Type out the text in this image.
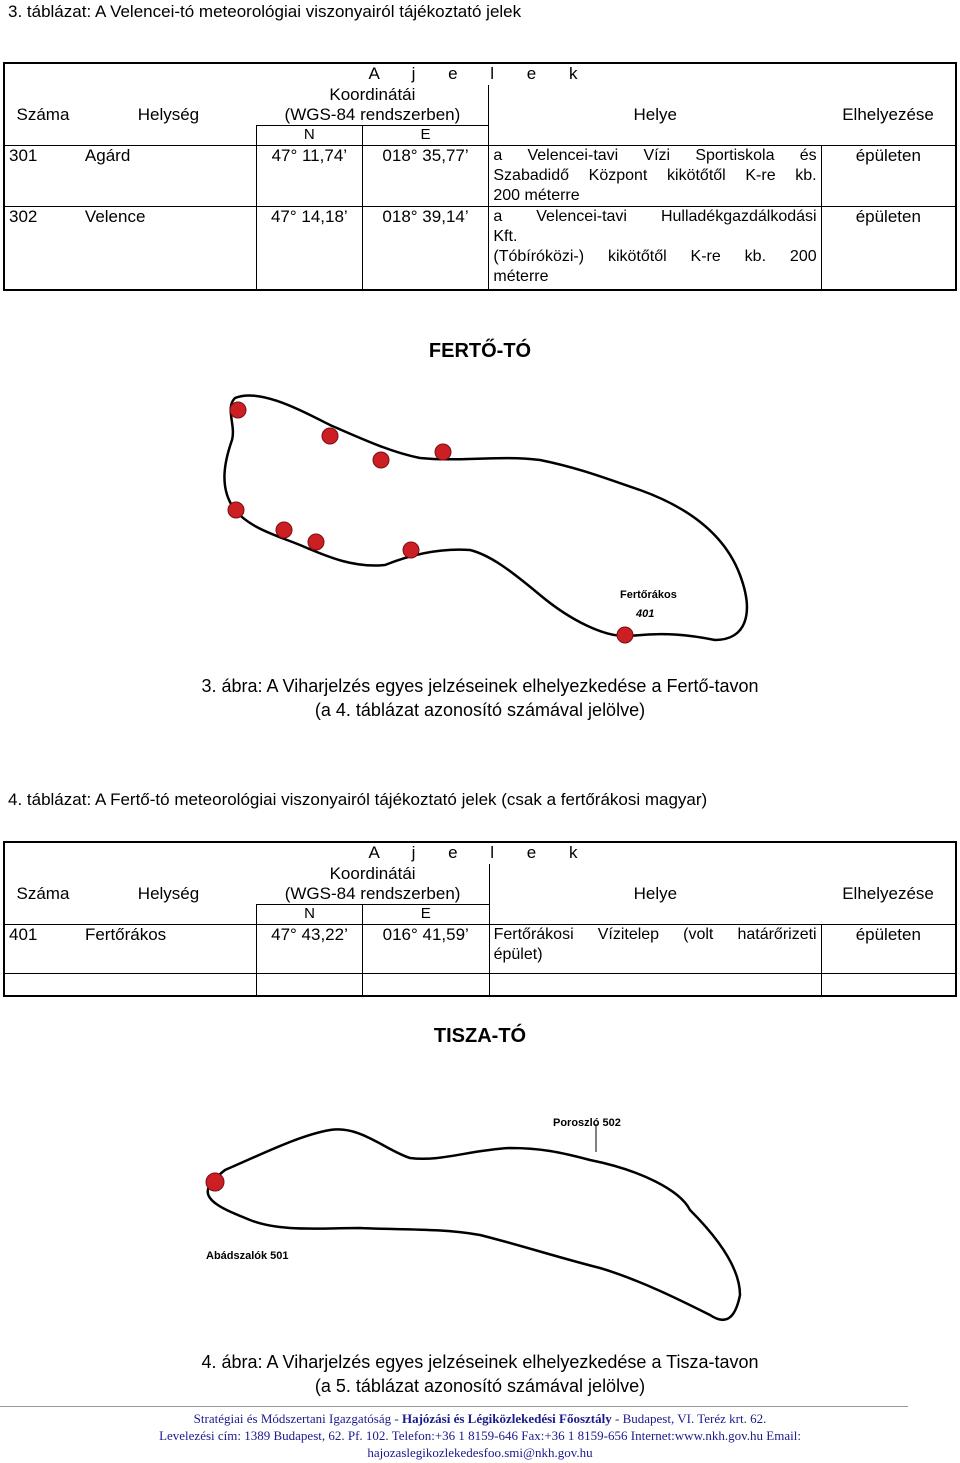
3. táblázat: A Velencei-tó meteorológiai viszonyairól tájékoztató jelek
A j e l e k					
Száma	Helység	Koordinátái
(WGS-84 rendszerben)		Helye	Elhelyezése
		N	E		
301	Agárd	47° 11,74’	018° 35,77’	a Velencei-tavi Vízi Sportiskola és
Szabadidő Központ kikötőtől K-re kb.
200 méterre	épületen
302	Velence	47° 14,18’	018° 39,14’	a Velencei-tavi Hulladékgazdálkodási
Kft.
(Tóbíróközi-) kikötőtől K-re kb. 200
méterre	épületen
FERTŐ-TÓ
Fertőrákos
401
3. ábra: A Viharjelzés egyes jelzéseinek elhelyezkedése a Fertő-tavon
(a 4. táblázat azonosító számával jelölve)
4. táblázat: A Fertő-tó meteorológiai viszonyairól tájékoztató jelek (csak a fertőrákosi magyar)
A j e l e k					
Száma	Helység	Koordinátái
(WGS-84 rendszerben)		Helye	Elhelyezése
		N	E		
401	Fertőrákos	47° 43,22’	016° 41,59’	Fertőrákosi Vízitelep (volt határőrizeti
épület)	épületen

TISZA-TÓ
Poroszló 502
Abádszalók 501
4. ábra: A Viharjelzés egyes jelzéseinek elhelyezkedése a Tisza-tavon
(a 5. táblázat azonosító számával jelölve)
Stratégiai és Módszertani Igazgatóság - Hajózási és Légiközlekedési Főosztály - Budapest, VI. Teréz krt. 62.
Levelezési cím: 1389 Budapest, 62. Pf. 102. Telefon:+36 1 8159-646 Fax:+36 1 8159-656 Internet:www.nkh.gov.hu Email:
hajozaslegikozlekedesfoo.smi@nkh.gov.hu
